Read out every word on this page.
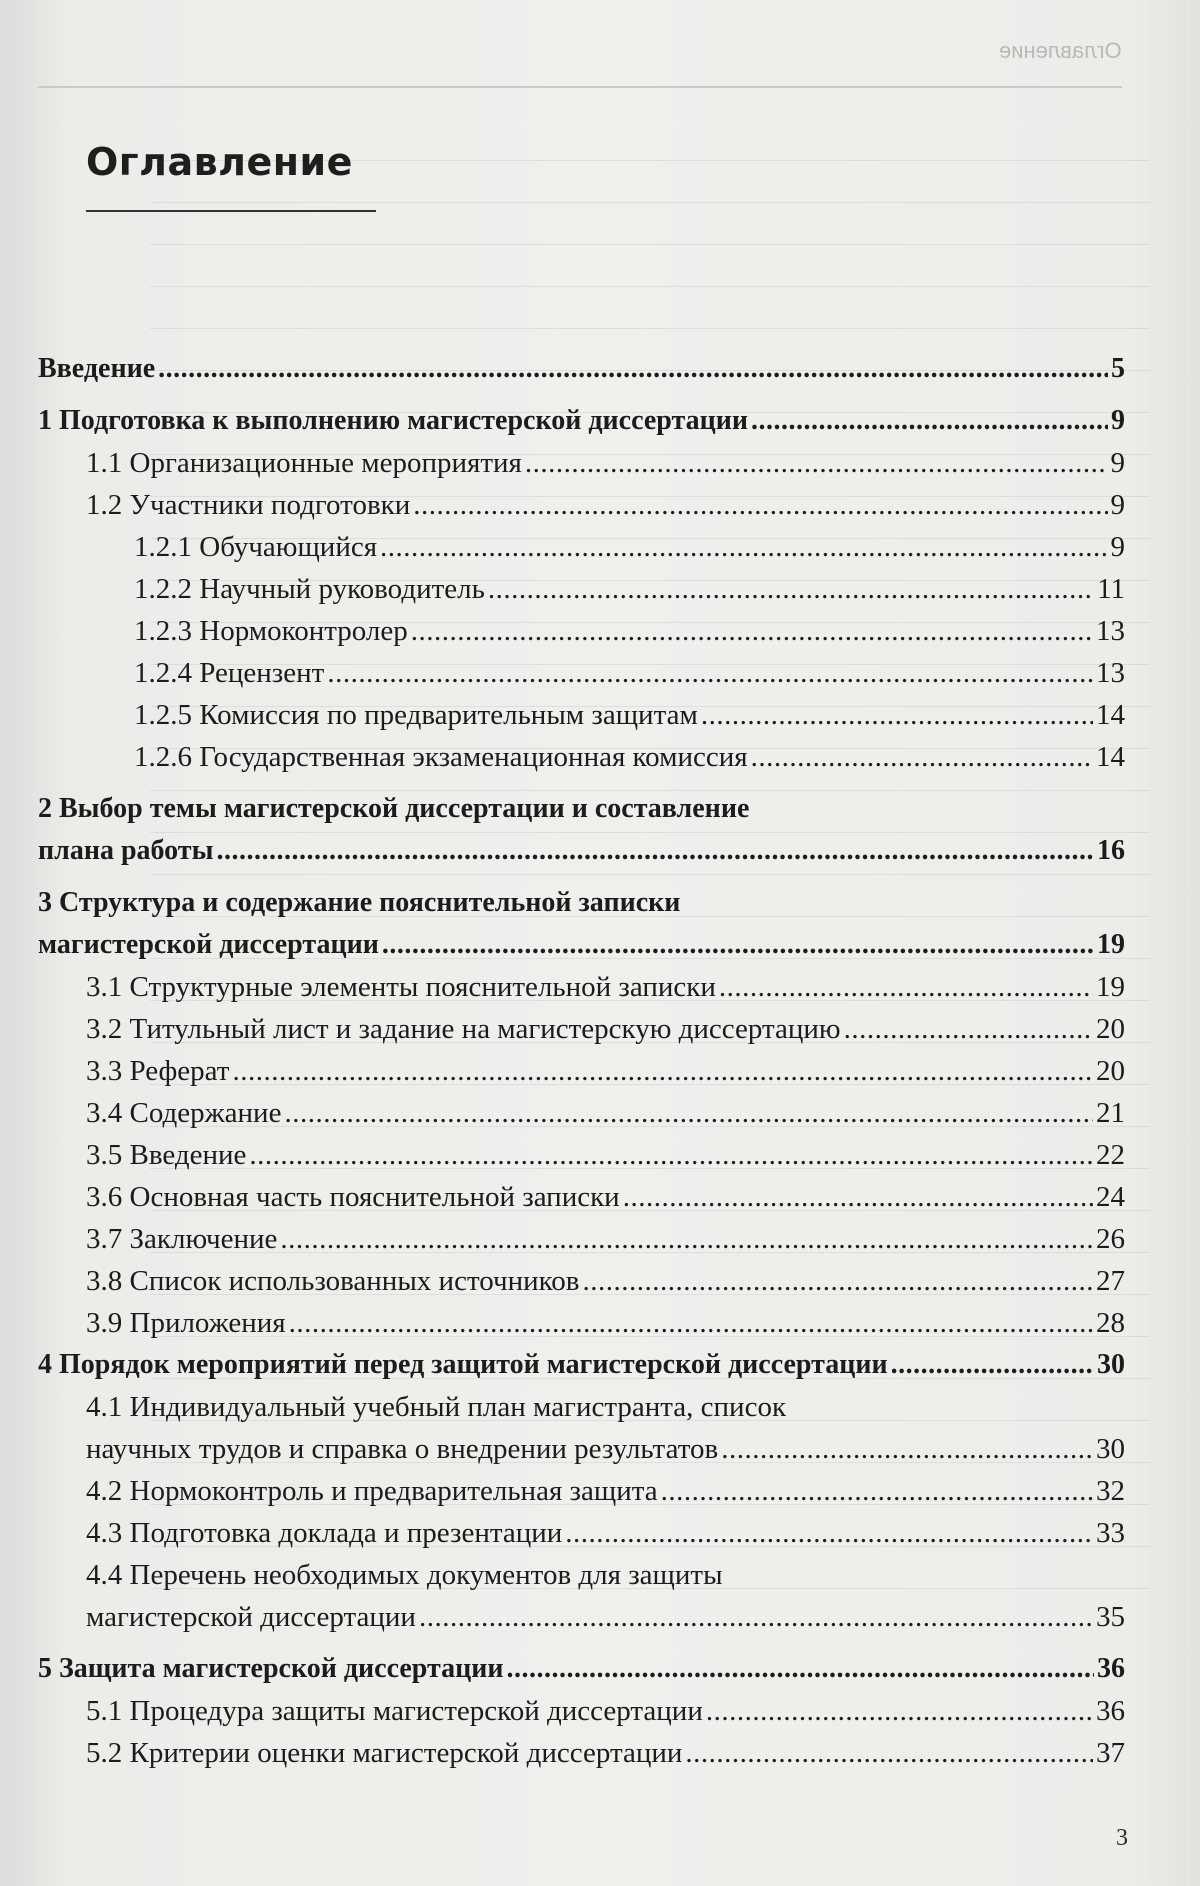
Оглавление
Оглавление
Введение .....	5
1 Подготовка к выполнению магистерской диссертации .....	9
1.1 Организационные мероприятия .....	9
1.2 Участники подготовки .....	9
1.2.1 Обучающийся .....	9
1.2.2 Научный руководитель .....	11
1.2.3 Нормоконтролер .....	13
1.2.4 Рецензент .....	13
1.2.5 Комиссия по предварительным защитам .....	14
1.2.6 Государственная экзаменационная комиссия .....	14
2 Выбор темы магистерской диссертации и составление
плана работы .....	16
3 Структура и содержание пояснительной записки
магистерской диссертации .....	19
3.1 Структурные элементы пояснительной записки .....	19
3.2 Титульный лист и задание на магистерскую диссертацию .....	20
3.3 Реферат .....	20
3.4 Содержание .....	21
3.5 Введение .....	22
3.6 Основная часть пояснительной записки .....	24
3.7 Заключение .....	26
3.8 Список использованных источников .....	27
3.9 Приложения .....	28
4 Порядок мероприятий перед защитой магистерской диссертации .....	30
4.1 Индивидуальный учебный план магистранта, список
научных трудов и справка о внедрении результатов .....	30
4.2 Нормоконтроль и предварительная защита .....	32
4.3 Подготовка доклада и презентации .....	33
4.4 Перечень необходимых документов для защиты
магистерской диссертации .....	35
5 Защита магистерской диссертации .....	36
5.1 Процедура защиты магистерской диссертации .....	36
5.2 Критерии оценки магистерской диссертации .....	37
3
